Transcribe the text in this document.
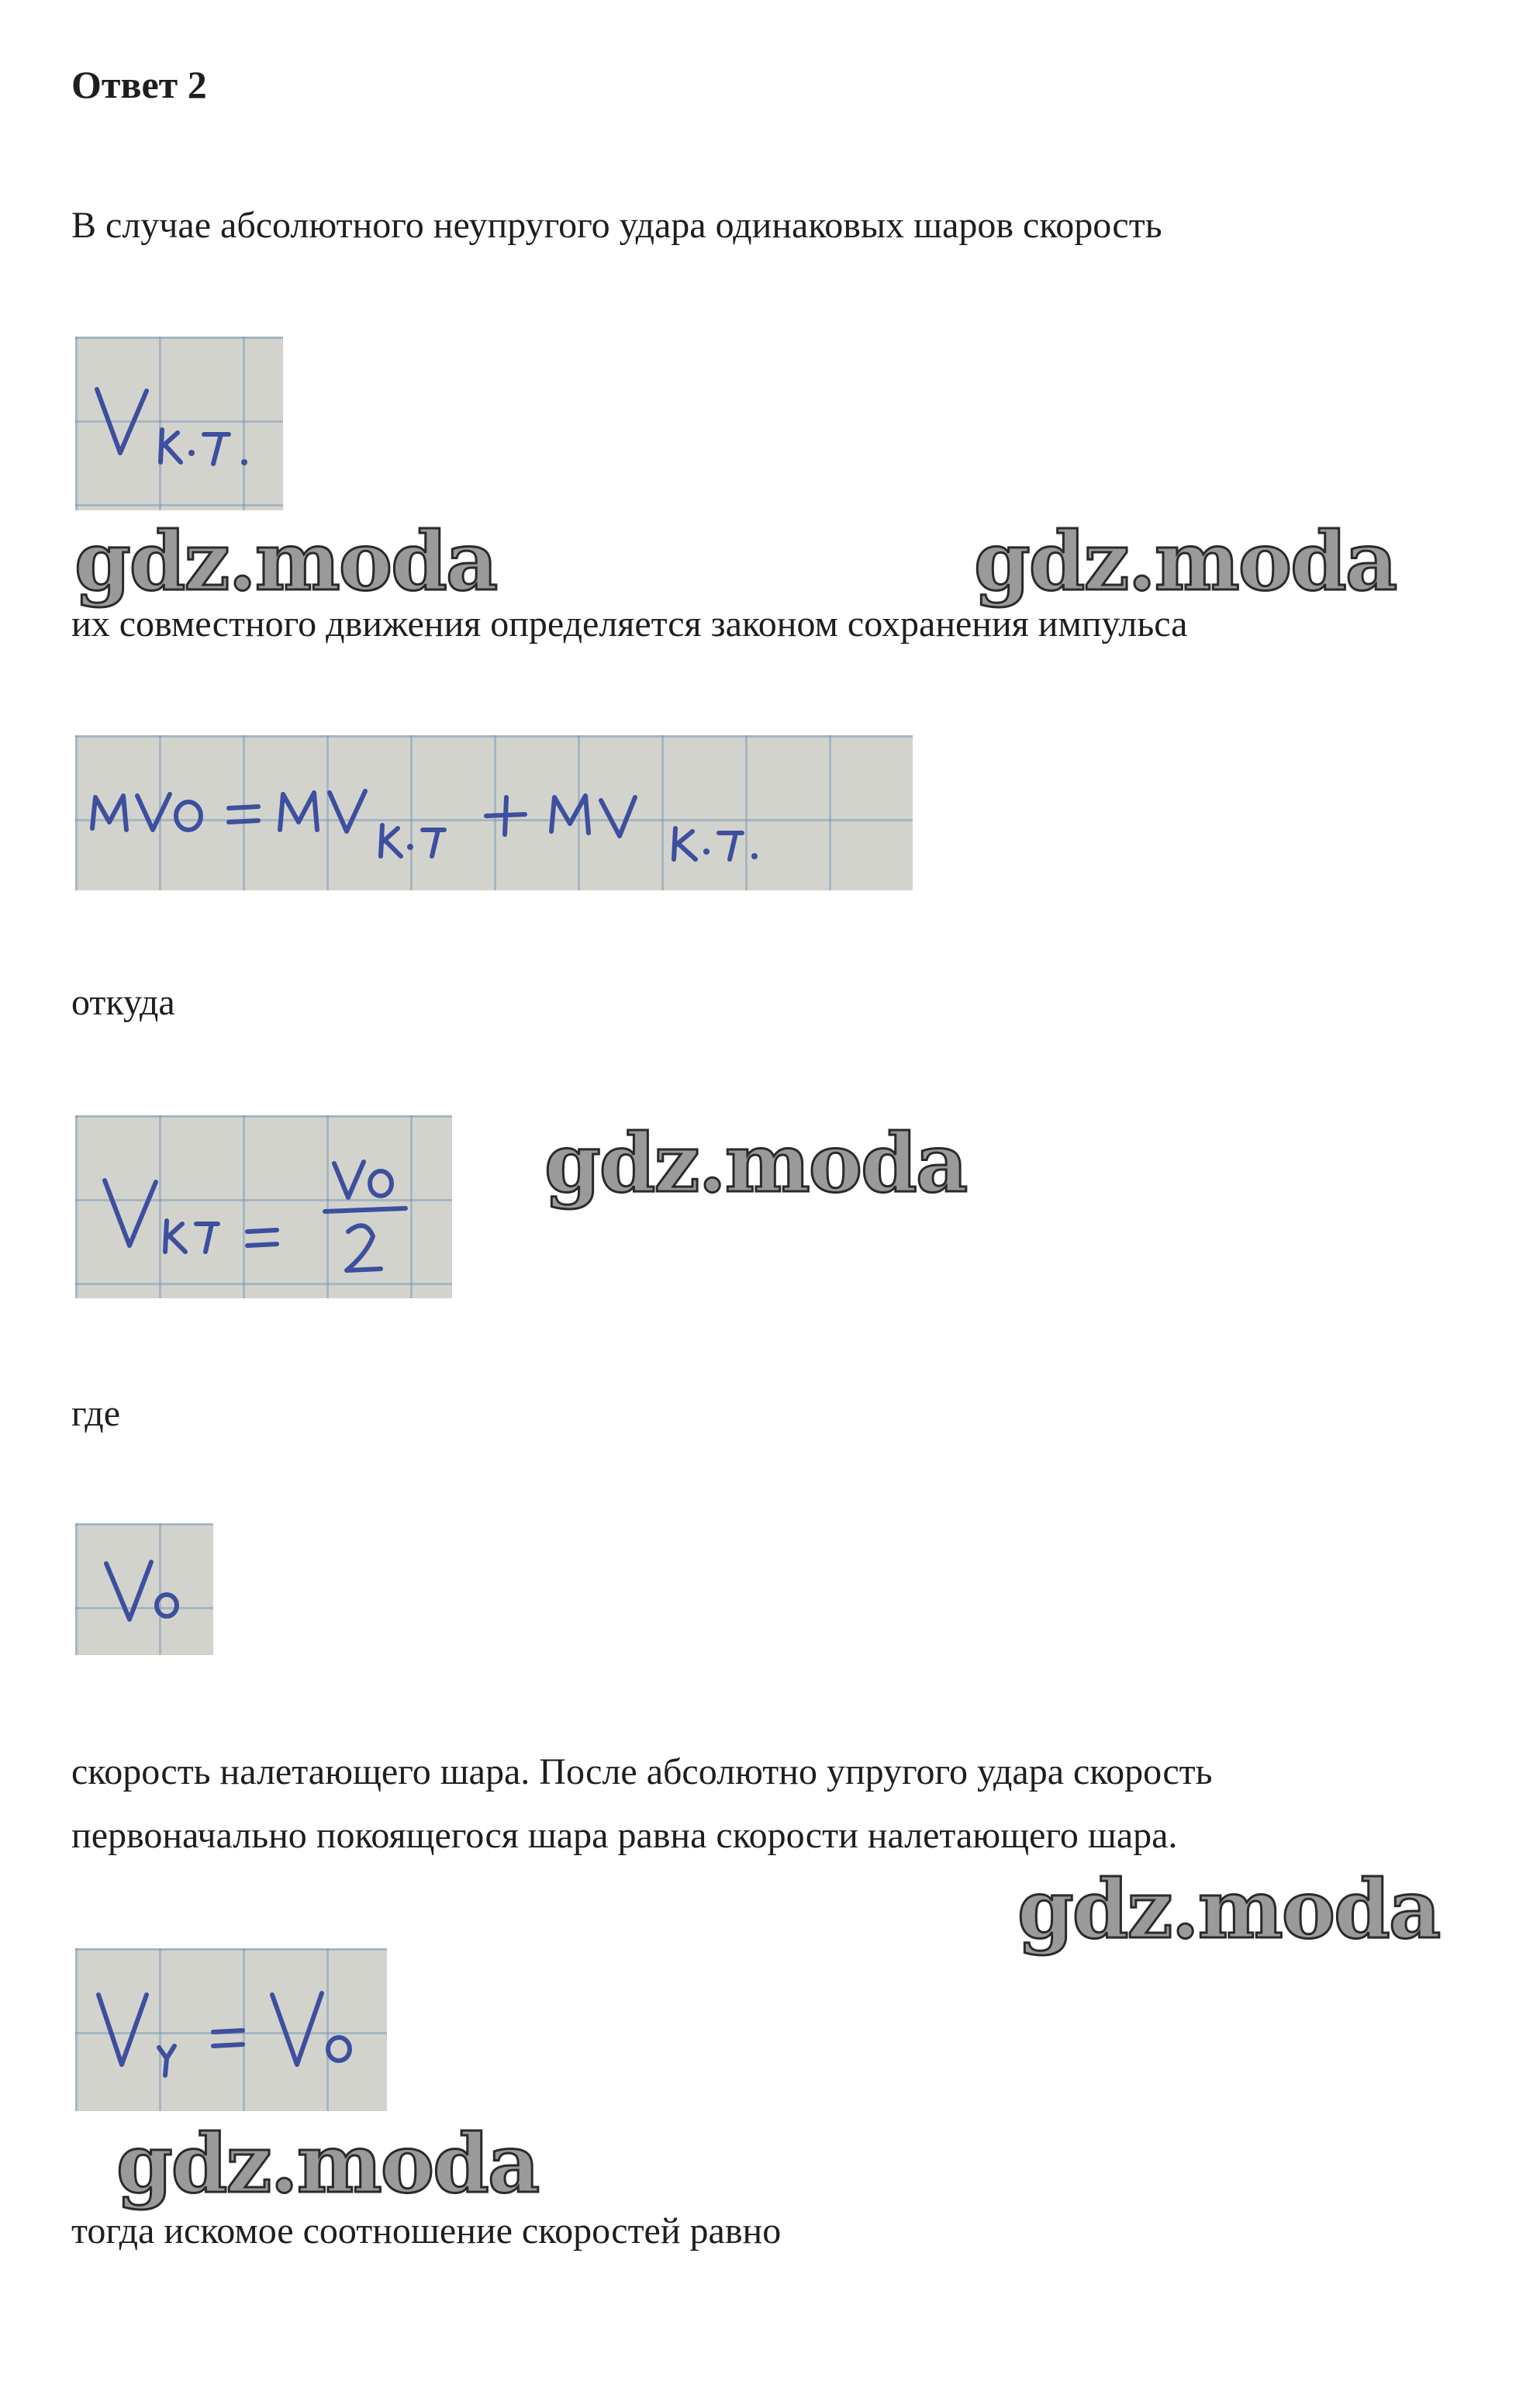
Ответ 2
В случае абсолютного неупругого удара одинаковых шаров скорость
gdz.moda	gdz.moda
их совместного движения определяется законом сохранения импульса
откуда
gdz.moda
где
скорость налетающего шара. После абсолютно упругого удара скорость
первоначально покоящегося шара равна скорости налетающего шара.
gdz.moda
gdz.moda
тогда искомое соотношение скоростей равно
